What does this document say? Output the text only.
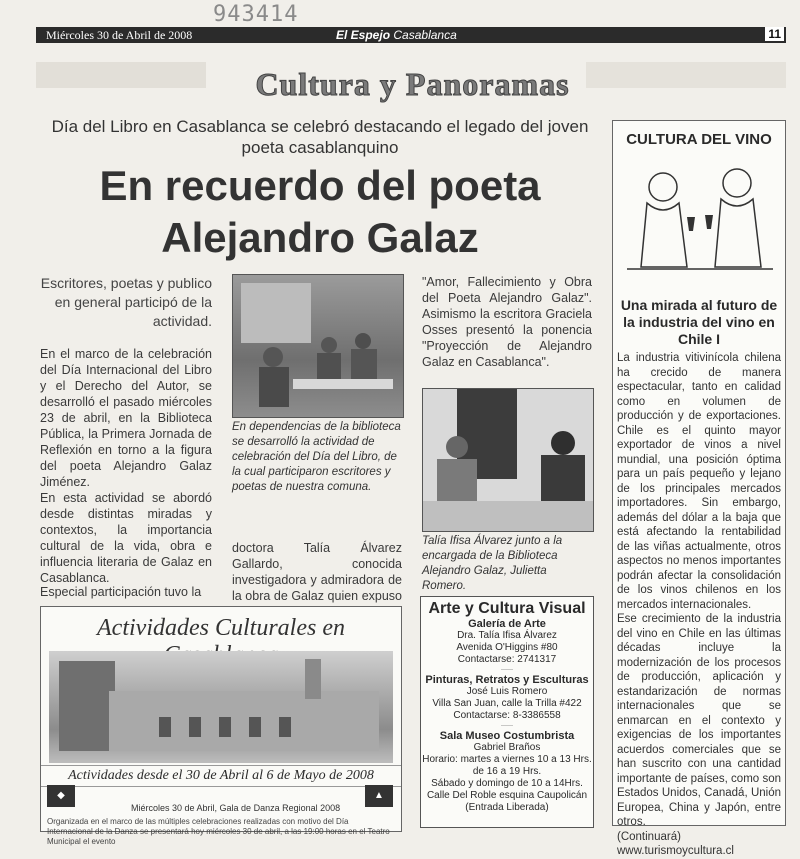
943414
Miércoles 30 de Abril de 2008	El Espejo Casablanca	11
Cultura y Panoramas
Día del Libro en Casablanca se celebró destacando el legado del joven poeta casablanquino
En recuerdo del poeta Alejandro Galaz
Escritores, poetas y publico en general participó de la actividad.
En el marco de la celebración del Día Internacional del Libro y el Derecho del Autor, se desarrolló el pasado miércoles 23 de abril, en la Biblioteca Pública, la Primera Jornada de Reflexión en torno a la figura del poeta Alejandro Galaz Jiménez.
En esta actividad se abordó desde distintas miradas y contextos, la importancia cultural de la vida, obra e influencia literaria de Galaz en Casablanca.
Especial participación tuvo la
En dependencias de la biblioteca se desarrolló la actividad de celebración del Día del Libro, de la cual participaron escritores y poetas de nuestra comuna.
doctora Talía Álvarez Gallardo, conocida investigadora y admiradora de la obra de Galaz quien expuso
"Amor, Fallecimiento y Obra del Poeta Alejandro Galaz". Asimismo la escritora Graciela Osses presentó la ponencia "Proyección de Alejandro Galaz en Casablanca".
Talía Ifisa Álvarez junto a la encargada de la Biblioteca Alejandro Galaz, Julietta Romero.
Actividades Culturales en
Actividades desde el 30 de Abril al 6 de Mayo de 2008
◆	▲
Miércoles 30 de Abril, Gala de Danza Regional 2008
Organizada en el marco de las múltiples celebraciones realizadas con motivo del Día Internacional de la Danza se presentará hoy miércoles 30 de abril, a las 19:00 horas en el Teatro Municipal el evento
Arte y Cultura Visual
Galería de Arte
Dra. Talía Ifisa Álvarez
Avenida O'Higgins #80
Contactarse: 2741317
——
Pinturas, Retratos y Esculturas
José Luis Romero
Villa San Juan, calle la Trilla #422
Contactarse: 8-3386558
——
Sala Museo Costumbrista
Gabriel Braños
Horario: martes a viernes 10 a 13 Hrs. de 16 a 19 Hrs.
Sábado y domingo de 10 a 14Hrs.
Calle Del Roble esquina Caupolicán
(Entrada Liberada)
CULTURA DEL VINO
Una mirada al futuro de la industria del vino en Chile I
La industria vitivinícola chilena ha crecido de manera espectacular, tanto en calidad como en volumen de producción y de exportaciones. Chile es el quinto mayor exportador de vinos a nivel mundial, una posición óptima para un país pequeño y lejano de los principales mercados importadores. Sin embargo, además del dólar a la baja que está afectando la rentabilidad de las viñas actualmente, otros aspectos no menos importantes podrán afectar la consolidación de los vinos chilenos en los mercados internacionales.
Ese crecimiento de la industria del vino en Chile en las últimas décadas incluye la modernización de los procesos de producción, aplicación y estandarización de normas internacionales que se enmarcan en el contexto y exigencias de los importantes acuerdos comerciales que se han suscrito con una cantidad importante de países, como son Estados Unidos, Canadá, Unión Europea, China y Japón, entre otros.
(Continuará)
www.turismoycultura.cl
